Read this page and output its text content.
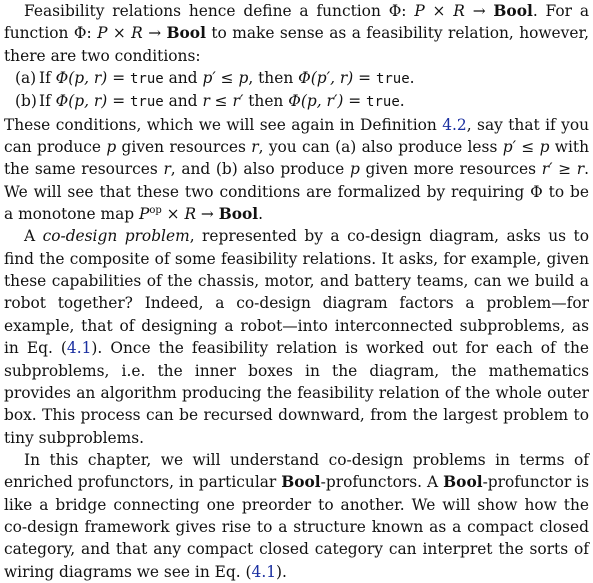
Feasibility relations hence define a function Φ: P × R → Bool. For a function Φ: P × R → Bool to make sense as a feasibility relation, however, there are two conditions:

(a) If Φ(p, r) = true and p′ ≤ p, then Φ(p′, r) = true.
(b) If Φ(p, r) = true and r ≤ r′ then Φ(p, r′) = true.

These conditions, which we will see again in Definition 4.2, say that if you can produce p given resources r, you can (a) also produce less p′ ≤ p with the same resources r, and (b) also produce p given more resources r′ ≥ r. We will see that these two conditions are formalized by requiring Φ to be a monotone map $P^{op} \times R$ → Bool.

A co-design problem, represented by a co-design diagram, asks us to find the composite of some feasibility relations. It asks, for example, given these capabilities of the chassis, motor, and battery teams, can we build a robot together? Indeed, a co-design diagram factors a problem—for example, that of designing a robot—into interconnected subproblems, as in Eq. (4.1). Once the feasibility relation is worked out for each of the subproblems, i.e. the inner boxes in the diagram, the mathematics provides an algorithm producing the feasibility relation of the whole outer box. This process can be recursed downward, from the largest problem to tiny subproblems.

In this chapter, we will understand co-design problems in terms of enriched profunctors, in particular Bool-profunctors. A Bool-profunctor is like a bridge connecting one preorder to another. We will show how the co-design framework gives rise to a structure known as a compact closed category, and that any compact closed category can interpret the sorts of wiring diagrams we see in Eq. (4.1).
